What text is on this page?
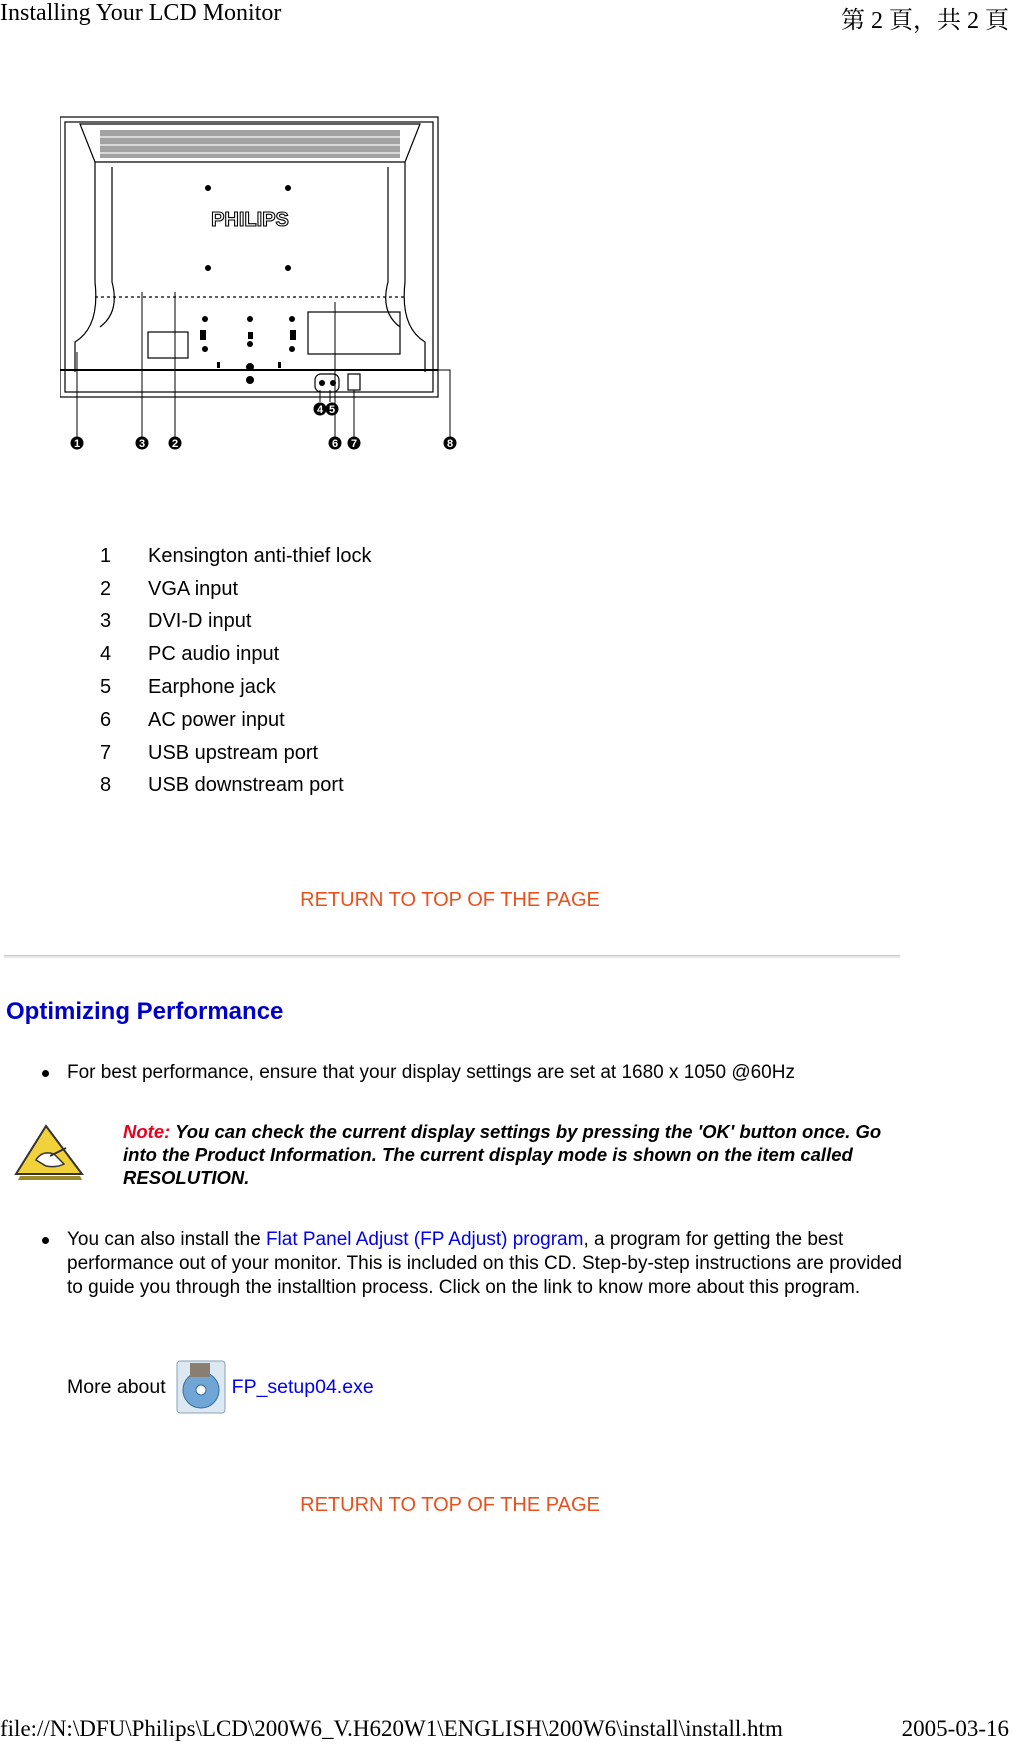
Installing Your LCD Monitor	第 2 頁，共 2 頁
PHILIPS
1	3 2
4 5
6 7	8
1	Kensington anti-thief lock
2	VGA input
3	DVI-D input
4	PC audio input
5	Earphone jack
6	AC power input
7	USB upstream port
8	USB downstream port
RETURN TO TOP OF THE PAGE
Optimizing Performance
For best performance, ensure that your display settings are set at 1680 x 1050 @60Hz
Note: You can check the current display settings by pressing the 'OK' button once. Go into the Product Information. The current display mode is shown on the item called RESOLUTION.
You can also install the Flat Panel Adjust (FP Adjust) program, a program for getting the best performance out of your monitor. This is included on this CD. Step-by-step instructions are provided to guide you through the installtion process. Click on the link to know more about this program.
More about	FP_setup04.exe
RETURN TO TOP OF THE PAGE
file://N:\DFU\Philips\LCD\200W6_V.H620W1\ENGLISH\200W6\install\install.htm	2005-03-16
